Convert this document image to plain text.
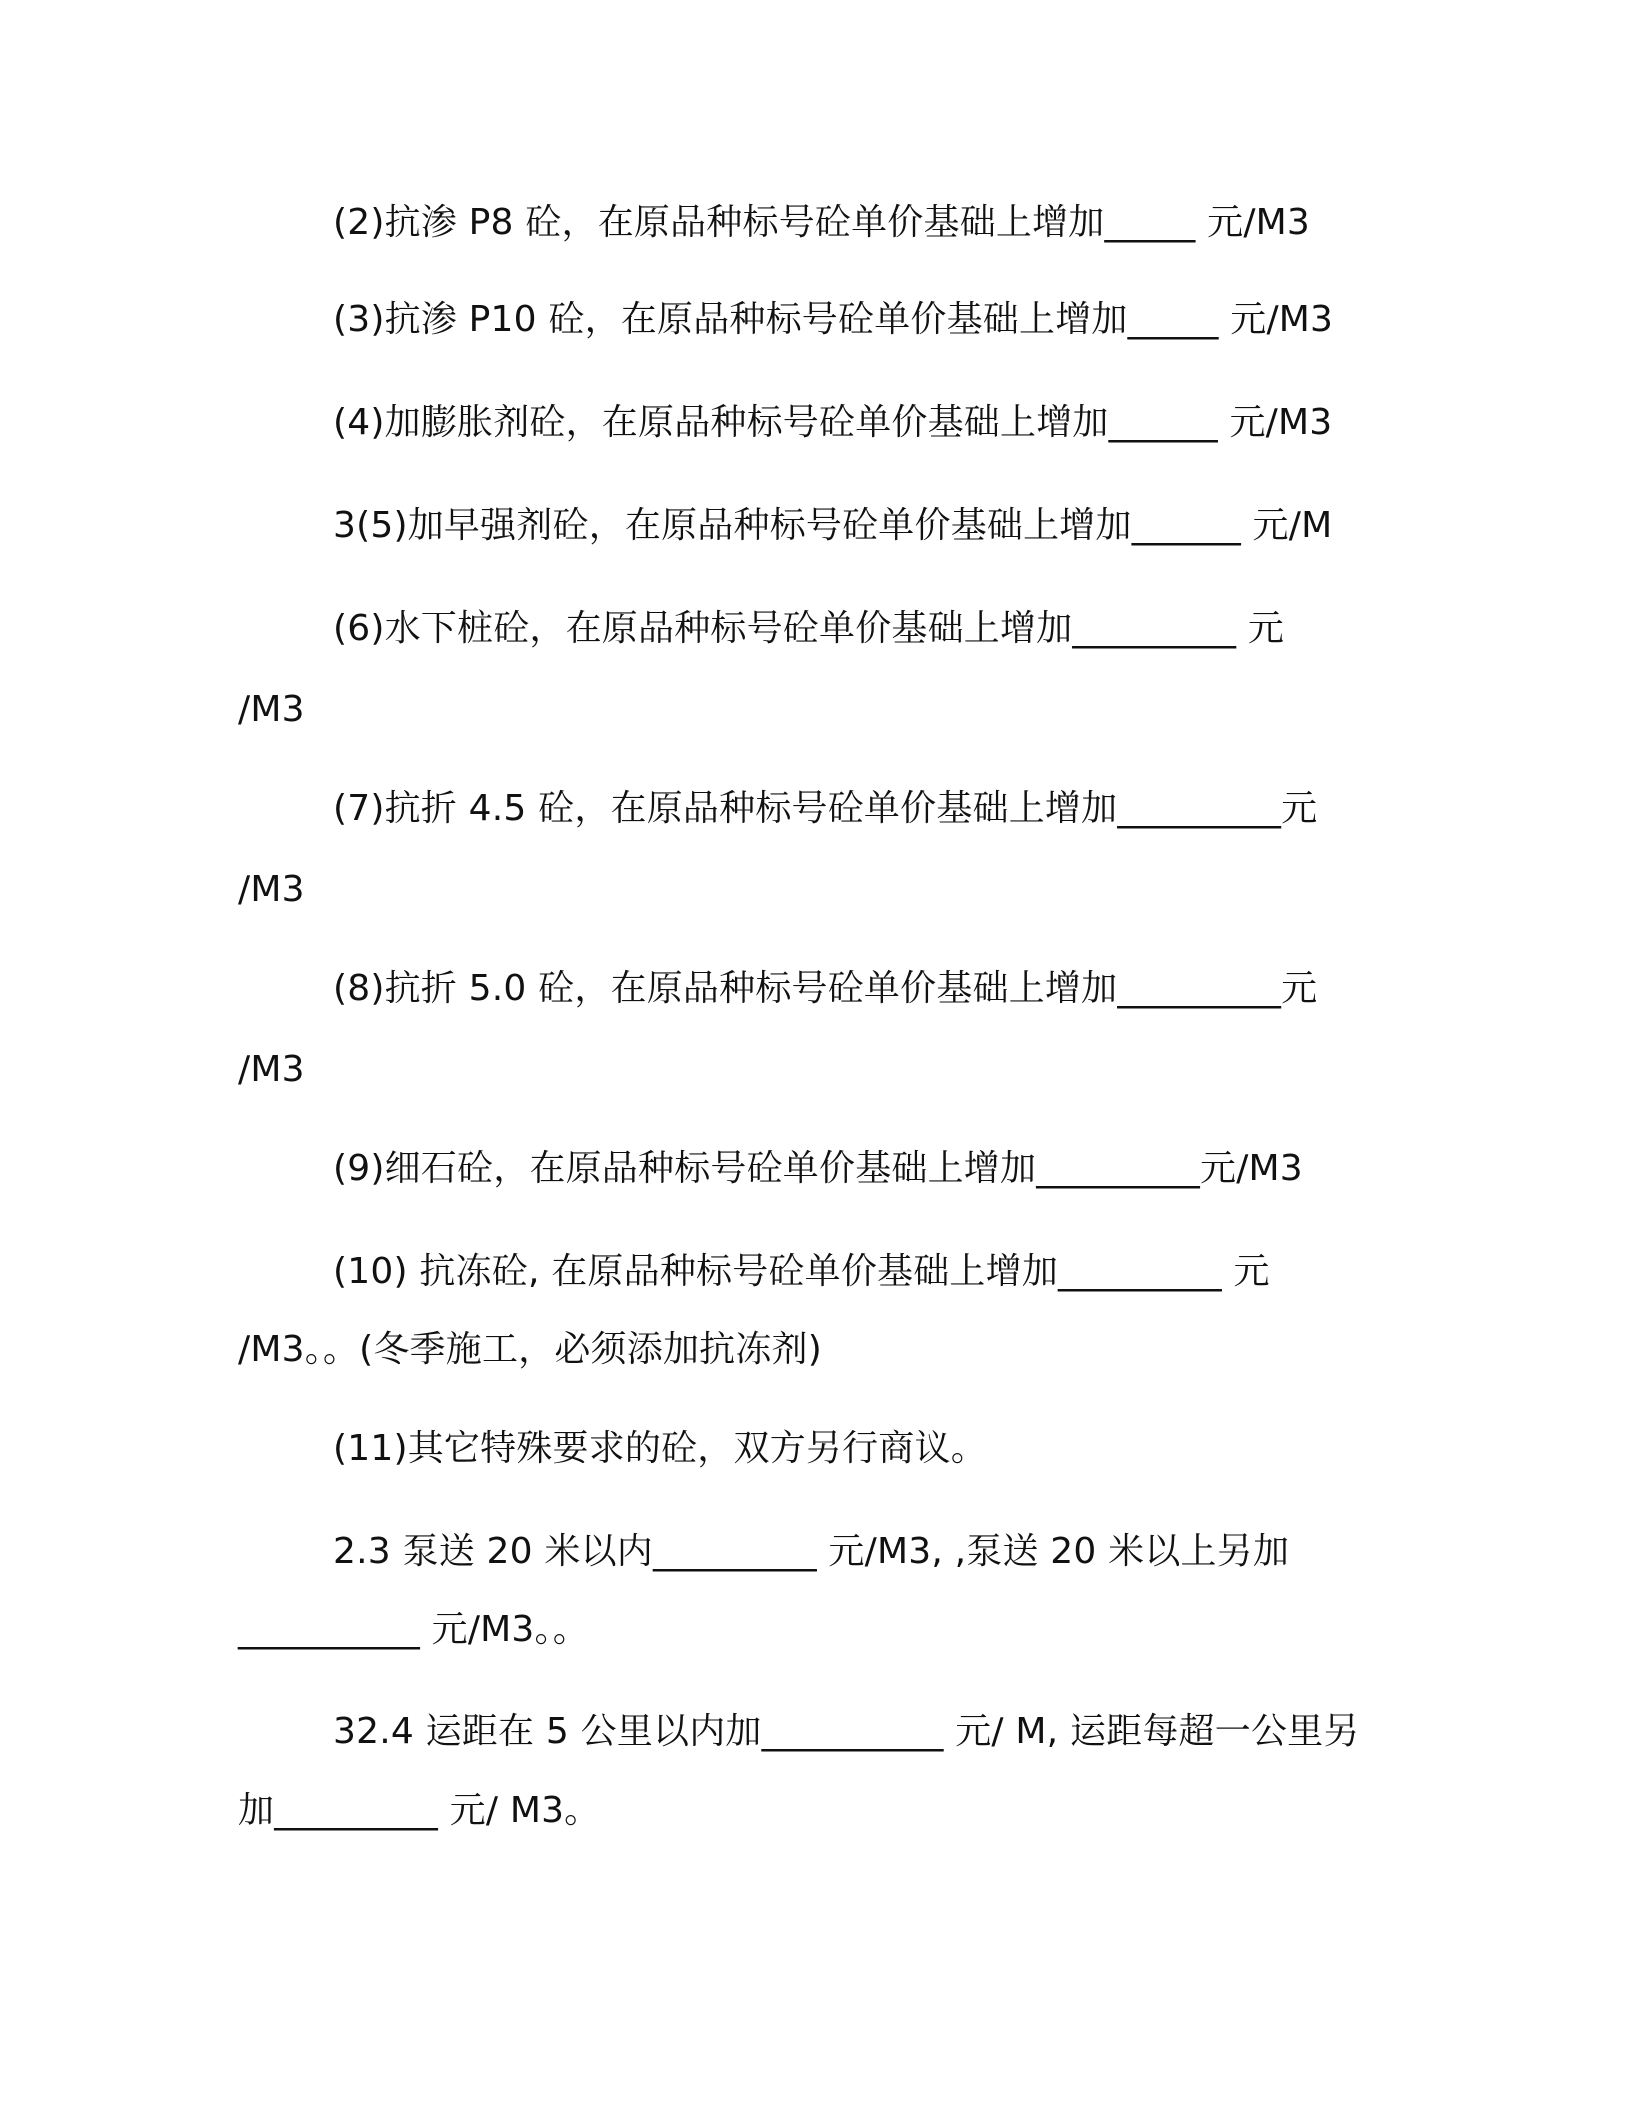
(2)抗渗 P8 砼，在原品种标号砼单价基础上增加_____ 元/M3

(3)抗渗 P10 砼，在原品种标号砼单价基础上增加_____ 元/M3

(4)加膨胀剂砼，在原品种标号砼单价基础上增加______ 元/M3

3(5)加早强剂砼，在原品种标号砼单价基础上增加______ 元/M

(6)水下桩砼，在原品种标号砼单价基础上增加_________ 元

/M3

(7)抗折 4.5 砼，在原品种标号砼单价基础上增加_________元

/M3

(8)抗折 5.0 砼，在原品种标号砼单价基础上增加_________元

/M3

(9)细石砼，在原品种标号砼单价基础上增加_________元/M3

(10) 抗冻砼, 在原品种标号砼单价基础上增加_________ 元

/M3。。(冬季施工，必须添加抗冻剂)

(11)其它特殊要求的砼，双方另行商议。

2.3 泵送 20 米以内_________ 元/M3, ,泵送 20 米以上另加

__________ 元/M3。。

32.4 运距在 5 公里以内加__________ 元/ M, 运距每超一公里另

加_________ 元/ M3。
